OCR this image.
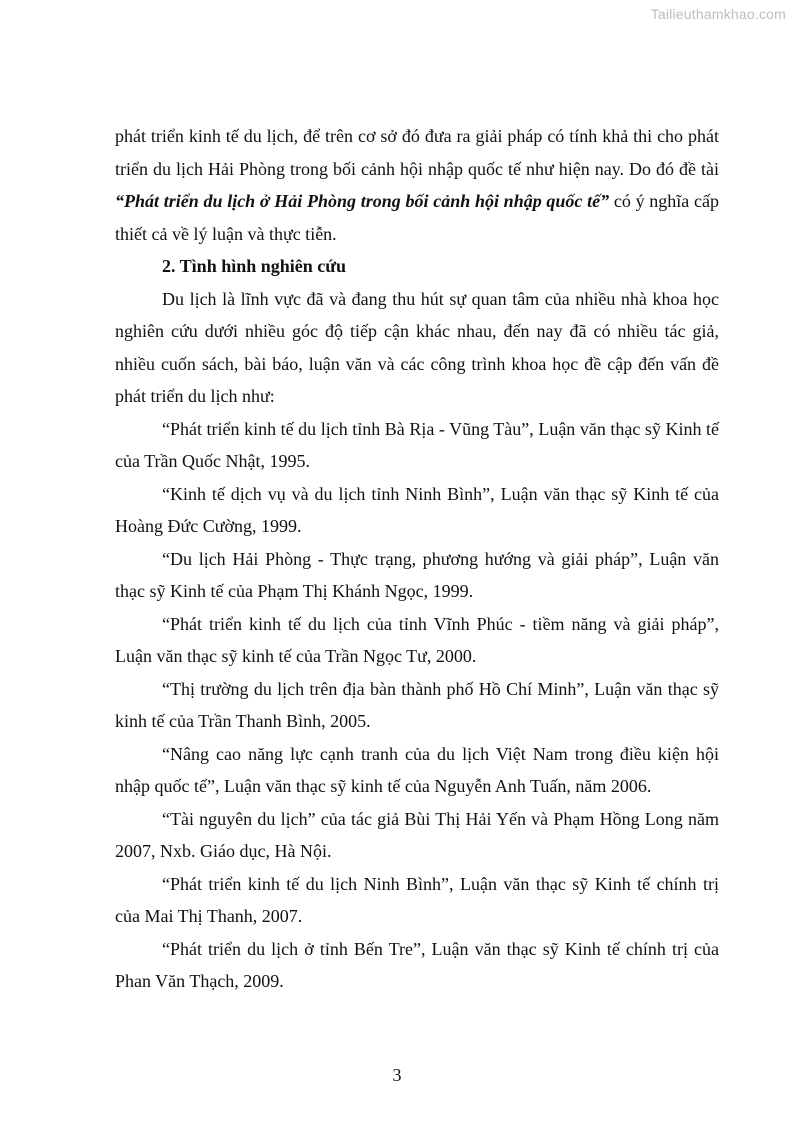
Tailieuthamkhao.com

phát triển kinh tế du lịch, để trên cơ sở đó đưa ra giải pháp có tính khả thi cho phát triển du lịch Hải Phòng trong bối cảnh hội nhập quốc tế như hiện nay. Do đó đề tài “Phát triển du lịch ở Hải Phòng trong bối cảnh hội nhập quốc tế” có ý nghĩa cấp thiết cả về lý luận và thực tiễn.

2. Tình hình nghiên cứu

Du lịch là lĩnh vực đã và đang thu hút sự quan tâm của nhiều nhà khoa học nghiên cứu dưới nhiều góc độ tiếp cận khác nhau, đến nay đã có nhiều tác giả, nhiều cuốn sách, bài báo, luận văn và các công trình khoa học đề cập đến vấn đề phát triển du lịch như:

“Phát triển kinh tế du lịch tỉnh Bà Rịa - Vũng Tàu”, Luận văn thạc sỹ Kinh tế của Trần Quốc Nhật, 1995.

“Kinh tế dịch vụ và du lịch tỉnh Ninh Bình”, Luận văn thạc sỹ Kinh tế của Hoàng Đức Cường, 1999.

“Du lịch Hải Phòng - Thực trạng, phương hướng và giải pháp”, Luận văn thạc sỹ Kinh tế của Phạm Thị Khánh Ngọc, 1999.

“Phát triển kinh tế du lịch của tỉnh Vĩnh Phúc - tiềm năng và giải pháp”, Luận văn thạc sỹ kinh tế của Trần Ngọc Tư, 2000.

“Thị trường du lịch trên địa bàn thành phố Hồ Chí Minh”, Luận văn thạc sỹ kinh tế của Trần Thanh Bình, 2005.

“Nâng cao năng lực cạnh tranh của du lịch Việt Nam trong điều kiện hội nhập quốc tế”, Luận văn thạc sỹ kinh tế của Nguyễn Anh Tuấn, năm 2006.

“Tài nguyên du lịch” của tác giả Bùi Thị Hải Yến và Phạm Hồng Long năm 2007, Nxb. Giáo dục, Hà Nội.

“Phát triển kinh tế du lịch Ninh Bình”, Luận văn thạc sỹ Kinh tế chính trị của Mai Thị Thanh, 2007.

“Phát triển du lịch ở tỉnh Bến Tre”, Luận văn thạc sỹ Kinh tế chính trị của Phan Văn Thạch, 2009.

3
